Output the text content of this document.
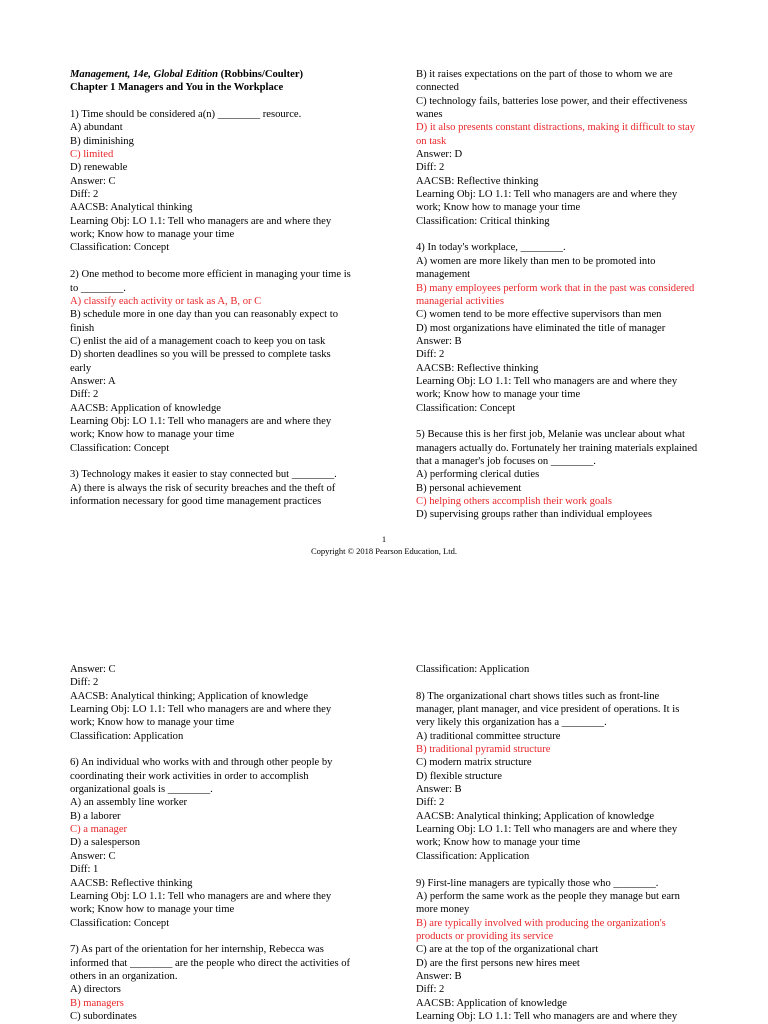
Management, 14e, Global Edition (Robbins/Coulter)
Chapter 1 Managers and You in the Workplace
1) Time should be considered a(n) ________ resource.
A) abundant
B) diminishing
C) limited
D) renewable
Answer: C
Diff: 2
AACSB: Analytical thinking
Learning Obj: LO 1.1: Tell who managers are and where they
work; Know how to manage your time
Classification: Concept
2) One method to become more efficient in managing your time is
to ________.
A) classify each activity or task as A, B, or C
B) schedule more in one day than you can reasonably expect to
finish
C) enlist the aid of a management coach to keep you on task
D) shorten deadlines so you will be pressed to complete tasks
early
Answer: A
Diff: 2
AACSB: Application of knowledge
Learning Obj: LO 1.1: Tell who managers are and where they
work; Know how to manage your time
Classification: Concept
3) Technology makes it easier to stay connected but ________.
A) there is always the risk of security breaches and the theft of
information necessary for good time management practices
B) it raises expectations on the part of those to whom we are
connected
C) technology fails, batteries lose power, and their effectiveness
wanes
D) it also presents constant distractions, making it difficult to stay
on task
Answer: D
Diff: 2
AACSB: Reflective thinking
Learning Obj: LO 1.1: Tell who managers are and where they
work; Know how to manage your time
Classification: Critical thinking
4) In today's workplace, ________.
A) women are more likely than men to be promoted into
management
B) many employees perform work that in the past was considered
managerial activities
C) women tend to be more effective supervisors than men
D) most organizations have eliminated the title of manager
Answer: B
Diff: 2
AACSB: Reflective thinking
Learning Obj: LO 1.1: Tell who managers are and where they
work; Know how to manage your time
Classification: Concept
5) Because this is her first job, Melanie was unclear about what
managers actually do. Fortunately her training materials explained
that a manager's job focuses on ________.
A) performing clerical duties
B) personal achievement
C) helping others accomplish their work goals
D) supervising groups rather than individual employees
1
Copyright © 2018 Pearson Education, Ltd.
Answer: C
Diff: 2
AACSB: Analytical thinking; Application of knowledge
Learning Obj: LO 1.1: Tell who managers are and where they
work; Know how to manage your time
Classification: Application
6) An individual who works with and through other people by
coordinating their work activities in order to accomplish
organizational goals is ________.
A) an assembly line worker
B) a laborer
C) a manager
D) a salesperson
Answer: C
Diff: 1
AACSB: Reflective thinking
Learning Obj: LO 1.1: Tell who managers are and where they
work; Know how to manage your time
Classification: Concept
7) As part of the orientation for her internship, Rebecca was
informed that ________ are the people who direct the activities of
others in an organization.
A) directors
B) managers
C) subordinates
Classification: Application
8) The organizational chart shows titles such as front-line
manager, plant manager, and vice president of operations. It is
very likely this organization has a ________.
A) traditional committee structure
B) traditional pyramid structure
C) modern matrix structure
D) flexible structure
Answer: B
Diff: 2
AACSB: Analytical thinking; Application of knowledge
Learning Obj: LO 1.1: Tell who managers are and where they
work; Know how to manage your time
Classification: Application
9) First-line managers are typically those who ________.
A) perform the same work as the people they manage but earn
more money
B) are typically involved with producing the organization's
products or providing its service
C) are at the top of the organizational chart
D) are the first persons new hires meet
Answer: B
Diff: 2
AACSB: Application of knowledge
Learning Obj: LO 1.1: Tell who managers are and where they
